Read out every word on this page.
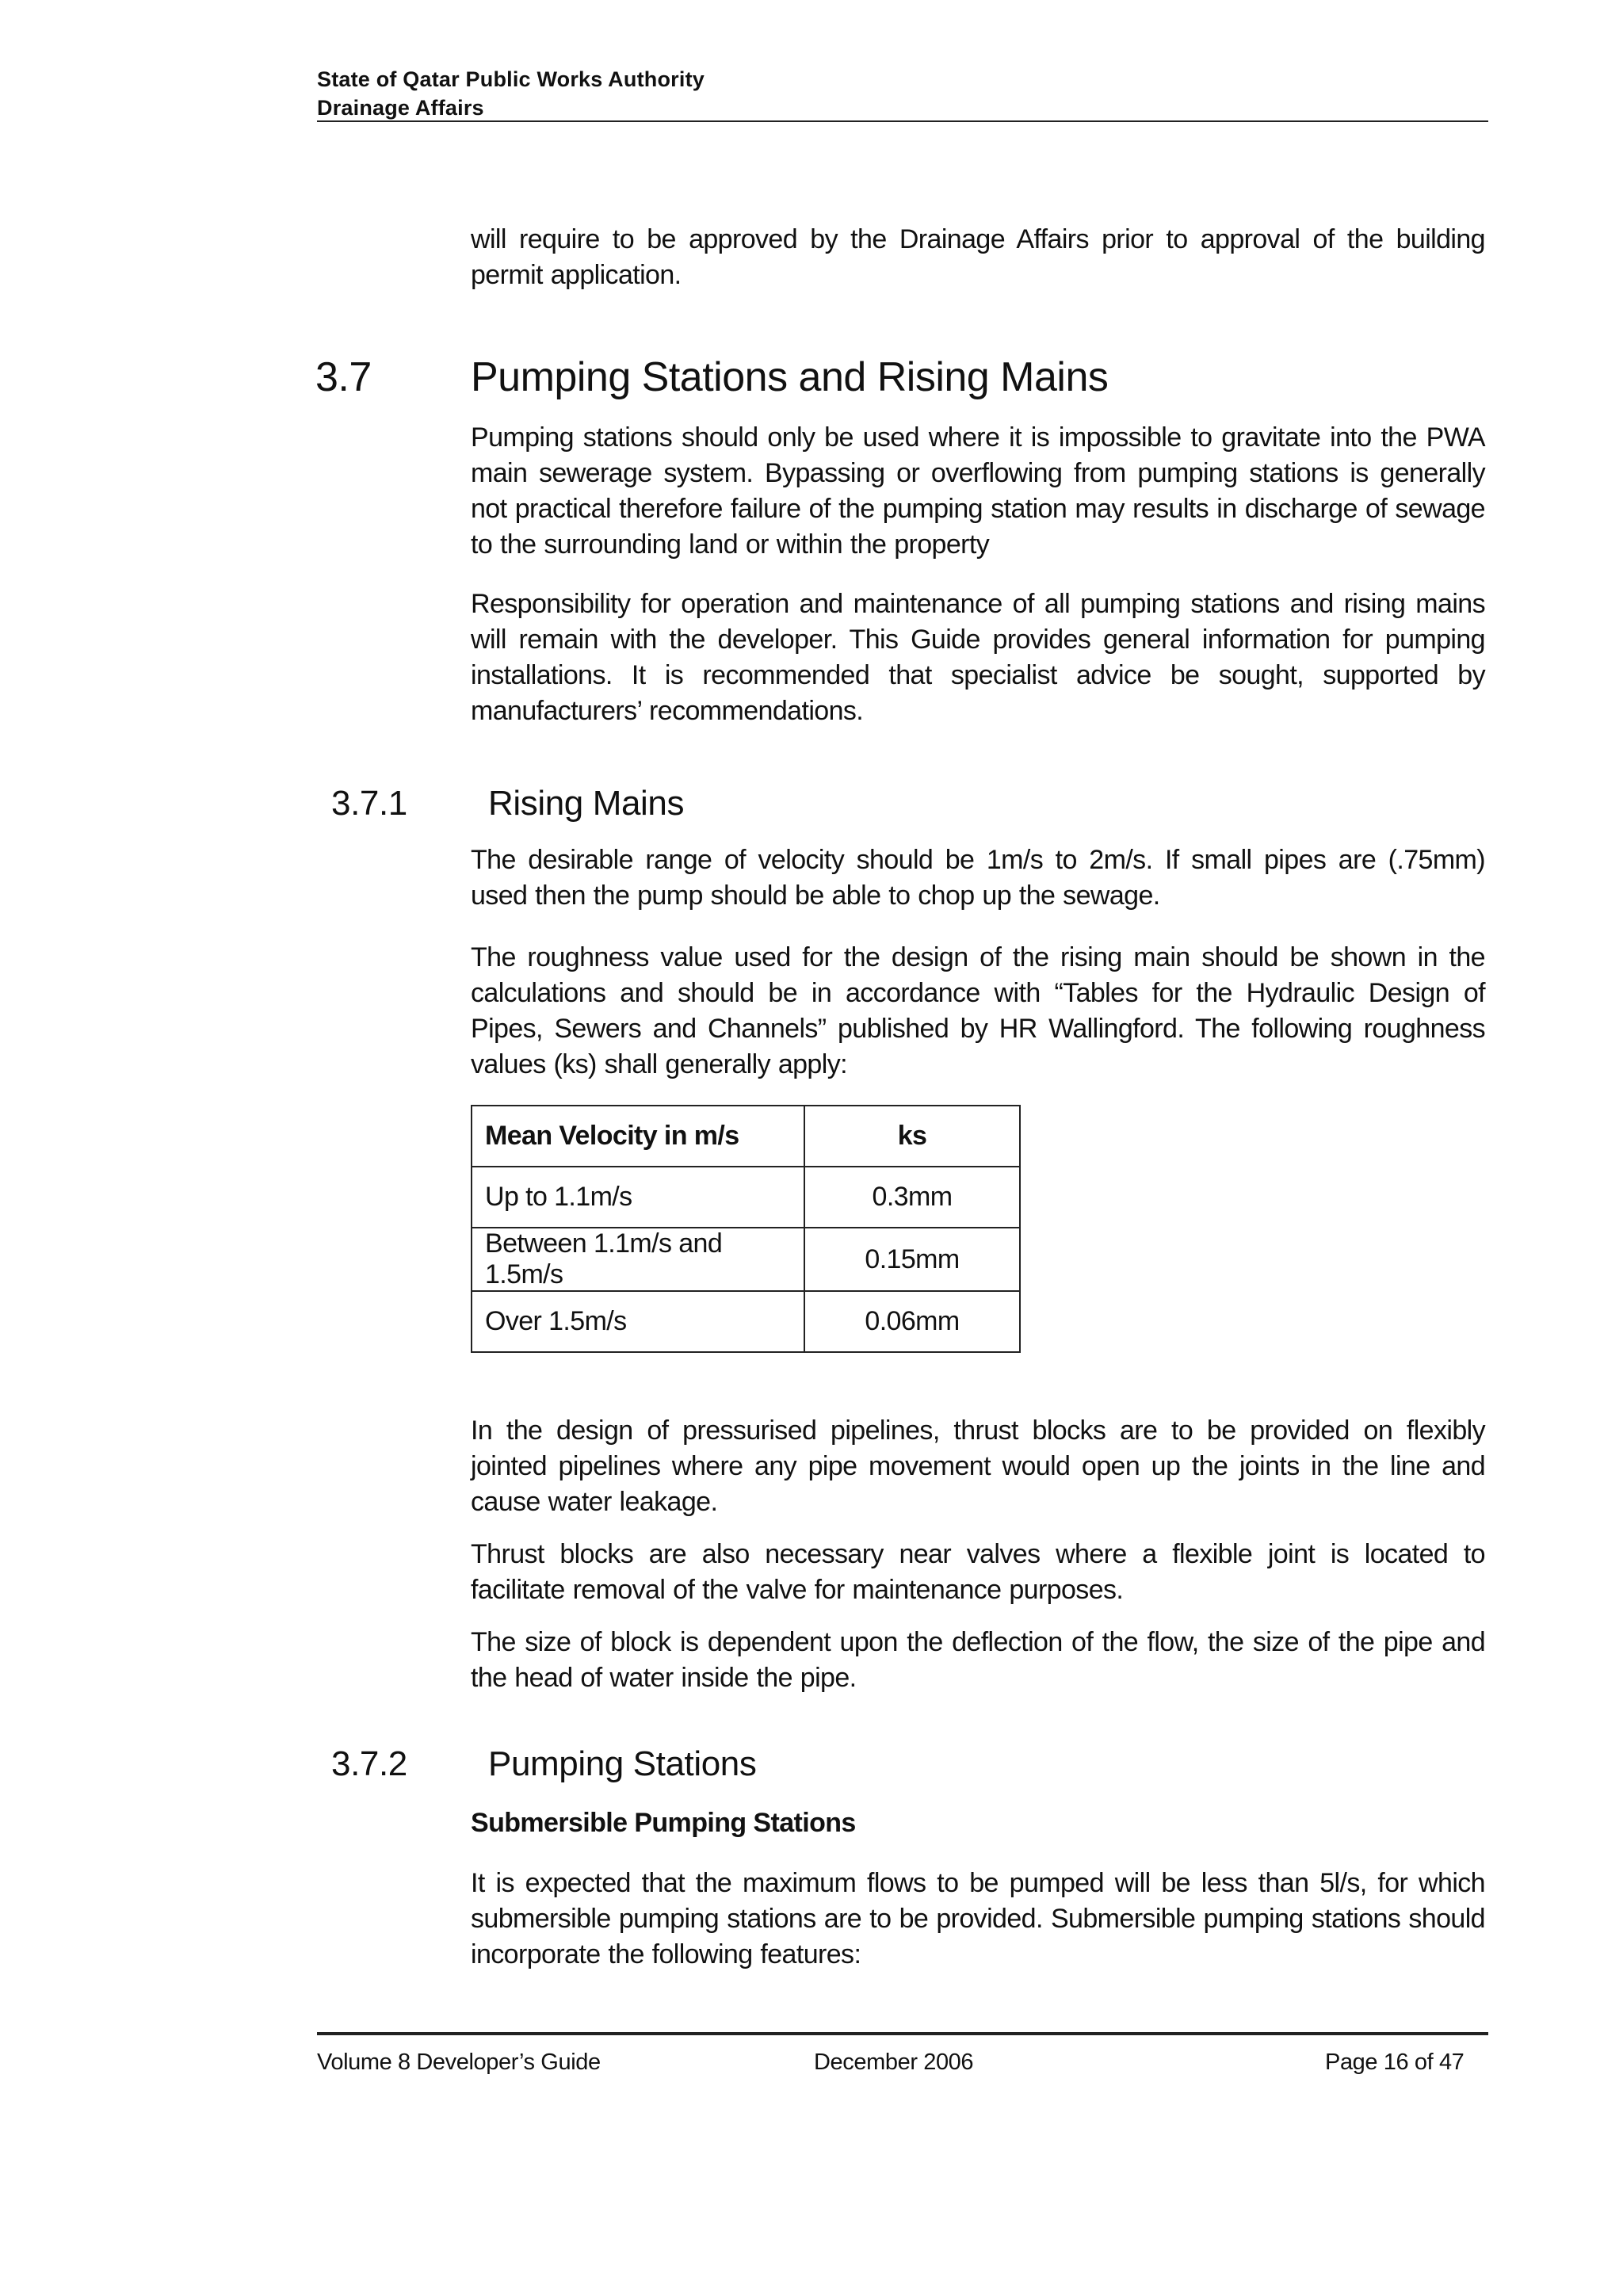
State of Qatar Public Works Authority
Drainage Affairs

will require to be approved by the Drainage Affairs prior to approval of the building permit application.

3.7 Pumping Stations and Rising Mains

Pumping stations should only be used where it is impossible to gravitate into the PWA main sewerage system. Bypassing or overflowing from pumping stations is generally not practical therefore failure of the pumping station may results in discharge of sewage to the surrounding land or within the property

Responsibility for operation and maintenance of all pumping stations and rising mains will remain with the developer. This Guide provides general information for pumping installations. It is recommended that specialist advice be sought, supported by manufacturers’ recommendations.

3.7.1 Rising Mains

The desirable range of velocity should be 1m/s to 2m/s. If small pipes are (.75mm) used then the pump should be able to chop up the sewage.

The roughness value used for the design of the rising main should be shown in the calculations and should be in accordance with “Tables for the Hydraulic Design of Pipes, Sewers and Channels” published by HR Wallingford. The following roughness values (ks) shall generally apply:

Mean Velocity in m/s	ks
Up to 1.1m/s	0.3mm
Between 1.1m/s and 1.5m/s	0.15mm
Over 1.5m/s	0.06mm

In the design of pressurised pipelines, thrust blocks are to be provided on flexibly jointed pipelines where any pipe movement would open up the joints in the line and cause water leakage.

Thrust blocks are also necessary near valves where a flexible joint is located to facilitate removal of the valve for maintenance purposes.

The size of block is dependent upon the deflection of the flow, the size of the pipe and the head of water inside the pipe.

3.7.2 Pumping Stations
Submersible Pumping Stations

It is expected that the maximum flows to be pumped will be less than 5l/s, for which submersible pumping stations are to be provided. Submersible pumping stations should incorporate the following features:

Volume 8 Developer’s Guide	December 2006	Page 16 of 47
